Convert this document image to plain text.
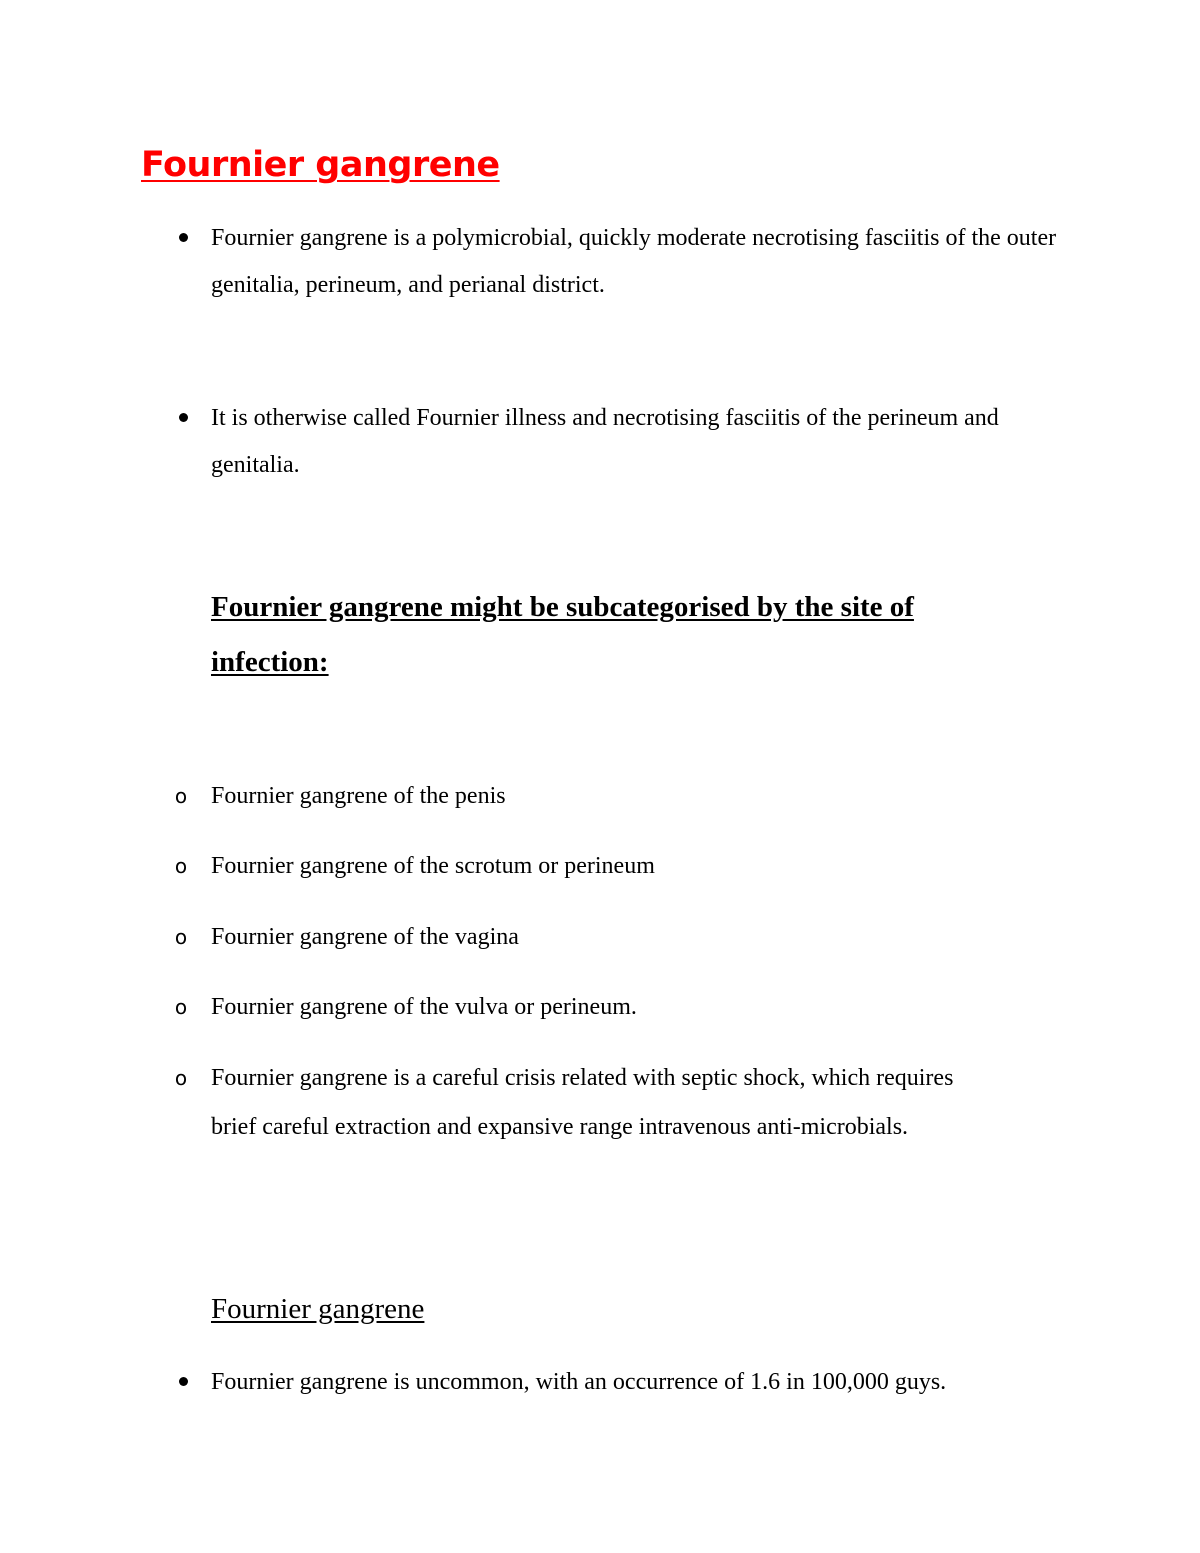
Fournier gangrene
Fournier gangrene is a polymicrobial, quickly moderate necrotising fasciitis of the outer genitalia, perineum, and perianal district.
It is otherwise called Fournier illness and necrotising fasciitis of the perineum and genitalia.
Fournier gangrene might be subcategorised by the site of infection:
o Fournier gangrene of the penis
o Fournier gangrene of the scrotum or perineum
o Fournier gangrene of the vagina
o Fournier gangrene of the vulva or perineum.
o Fournier gangrene is a careful crisis related with septic shock, which requires brief careful extraction and expansive range intravenous anti-microbials.
Fournier gangrene
Fournier gangrene is uncommon, with an occurrence of 1.6 in 100,000 guys.
